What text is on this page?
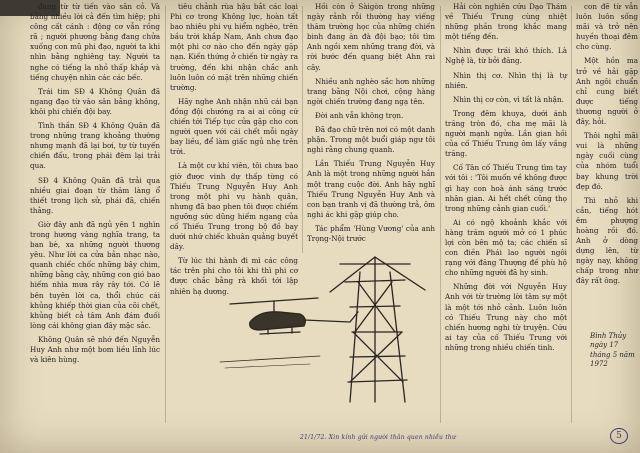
đang từ từ tiến vào sân cỏ. Và bằng nhiều lời cả đến tìm hiệp; phi công cất cánh : động cơ vẫn rồng rã ; người phương bằng đang chửa xuống con mũ phi đạo, người ta khi nhìn bằng nghiêng tay. Người ta nghe có tiếng la nhỏ thấp khắp và tiếng chuyện nhìn các các bếc.

Trái tim SĐ 4 Không Quân đã ngang đạo từ vào sân bằng không, khôi phi chiến đội bay.

Tình thần SĐ 4 Không Quân đã trong những trang khoảng thường nhưng mạnh đã lại bơi, tự từ tuyến chiến đấu, trong phái đêm lại trải qua.

SĐ 4 Không Quân đã trải qua nhiều giai đoạn từ thăm làng ổ thiết trong lịch sử, phái đã, chiến thằng.

Giờ đây anh đã ngủ yên 1 nghìn trong hương vàng nghĩa trang, ta ban bè, xa những người thương yêu. Như lời ca cửa bản nhạc nào, quanh chiếc chốc những bây chim, những bằng cây, những con gió bao hiếm nhìa mưa rây rây tới. Có lẽ bên tuyên lời ca, thổi chúc cái khủng khiếp thời gian của cõi chết, khủng biết cả tâm Anh đám đuối lòng cái không gian đây mặc sắc.

Không Quân sẽ nhớ đến Nguyễn Huy Anh như một bom liều lĩnh lúc và kiên hùng.

tiêu chảnh rùa hậu bắt các loại Phi cơ trong Không lực, hoàn tất bao nhiêu phi vụ hiểm nghèo, trên bầu trời khắp Nam, Anh chưa đạo một phi cơ nào cho đến ngày gặp nạn. Kiến thứng ở chiến từ ngày ra trường, đến khi nhận chắc anh luôn luôn có mặt trên những chiến trường.

Hãy nghe Anh nhận nhũ cái bạn đồng đội chướng ra ai ai công cứ chiến tới Tiếp tục cửa gặp cho con người quen với cái chết mỗi ngày bay liều, để làm giấc ngủ nhẹ trên trời.

Là một cư khí viên, tôi chưa bao giờ được vinh dự thấp từng có Thiếu Trung Nguyễn Huy Anh trong một phi vụ hành quân, nhưng đã bao phen tôi được chiếm ngưỡng sức dũng hiếm ngang của cố Thiếu Trung trong bộ đồ bay dưới nhứ chiếc khuân quảng buyết dây.

Từ lúc thi hành đi mì các công tác trên phi cho tôi khi thì phi cơ được chắc bằng rà khối tới lập nhiên hạ dương.

Hồi còn ở Sàigòn trong những ngày rảnh rỗi thường hay viếng thăm trường học của những chiến binh đang ăn đà đội bạo; tôi tìm Anh ngồi xem những trang đời, và rời bước đến quang biệt Ahn rai cây.

Nhiều anh nghèo sắc hơn những trang bằng Nội chơi, cộng hàng ngời chiến trường đang ngạ tên.

Đời anh vẫn không trọn.

Đã đạo chữ trên nơi có một danh phận. Trong một buổi giáp ngư tôi nghi rằng chung quanh.

Lần Thiếu Trung Nguyễn Huy Anh là một trong những người hắn một trang cuộc đời. Anh hãy nghĩ Thiếu Trung Nguyễn Huy Anh và con bạn tranh vị đã thường trả, ôm nghi ác khi gặp giúp cho.

Tác phẩm 'Hùng Vương' của anh Trọng-Nội trước

Hải còn nghiên cứu Dạo Thám về Thiếu Trung cùng nhiệt những phần trong khắc mang một tiếng đến.

Nhìn được trái khó thích. Là Nghệ là, từ bởi đăng.

Nhìn thị cơ. Nhìn thị là tự nhiên.

Nhìn thị cơ còn, vì tất là nhận.

Trong đêm khuya, dưới ánh trăng tròn đó, cha mẹ mãi là người mạnh ngửa. Lần gian hồi của cố Thiếu Trung ôm lấy vầng trăng.

Cố Tân cố Thiếu Trung tìm tay với tôi : 'Tôi muốn về không được gì hay con hoà ánh sáng trước nhân gian. Ai hết chết cũng thọ trong những cảnh gian cuối.'

Ai có ngộ khoảnh khắc với hàng trăm ngưới mở có 1 phúc lợi còn bên mộ ta; các chiến sĩ con điền Phái lao người ngôi rạng với đăng Thượng đế phù hộ cho những người đã hy sinh.

Những đời với Nguyễn Huy Anh với từ trường lời tâm sự một là một tới nhỏ cảnh. Luôn luôn có Thiếu Trung này cho một chiến hương nghi từ truyện. Cứu ai tay của cố Thiếu Trung với những trong nhiều chiến tinh.

con đẽ từ vẫn luôn luôn sống mãi và trở nên huyền thoại đêm cho cùng.

Một hồn ma trở về hải gặp Anh ngôi chuẩn chỉ cung biết được tiếng thương người ở đây, hỏi.

Thôi nghỉ mãi vui là những ngày cuối cùng của nhóm tuổi bay khung trời đẹp đó.

Thì nhỏ khi cần, tiếng hót êm phượng hoàng rồi đó. Anh ở dòng dựng lên, từ ngày nay, không chấp trong như đây rất ông.

Bình Thủy ngày 17
tháng 5 năm 1972
21/1/72. Xin kính gửi người thân quen nhiều thư	5
